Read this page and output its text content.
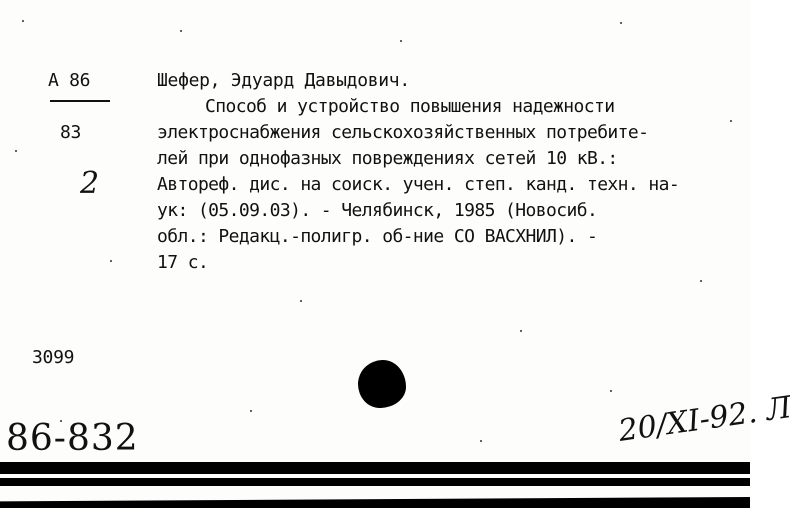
А 86
83
2
Шефер, Эдуард Давыдович.
Способ и устройство повышения надежности
электроснабжения сельскохозяйственных потребите-
лей при однофазных повреждениях сетей 10 кВ.:
Автореф. дис. на соиск. учен. степ. канд. техн. на-
ук: (05.09.03). - Челябинск, 1985 (Новосиб.
обл.: Редакц.-полигр. об-ние СО ВАСХНИЛ). -
17 с.
3099
86-832	20/XI-92. Л
